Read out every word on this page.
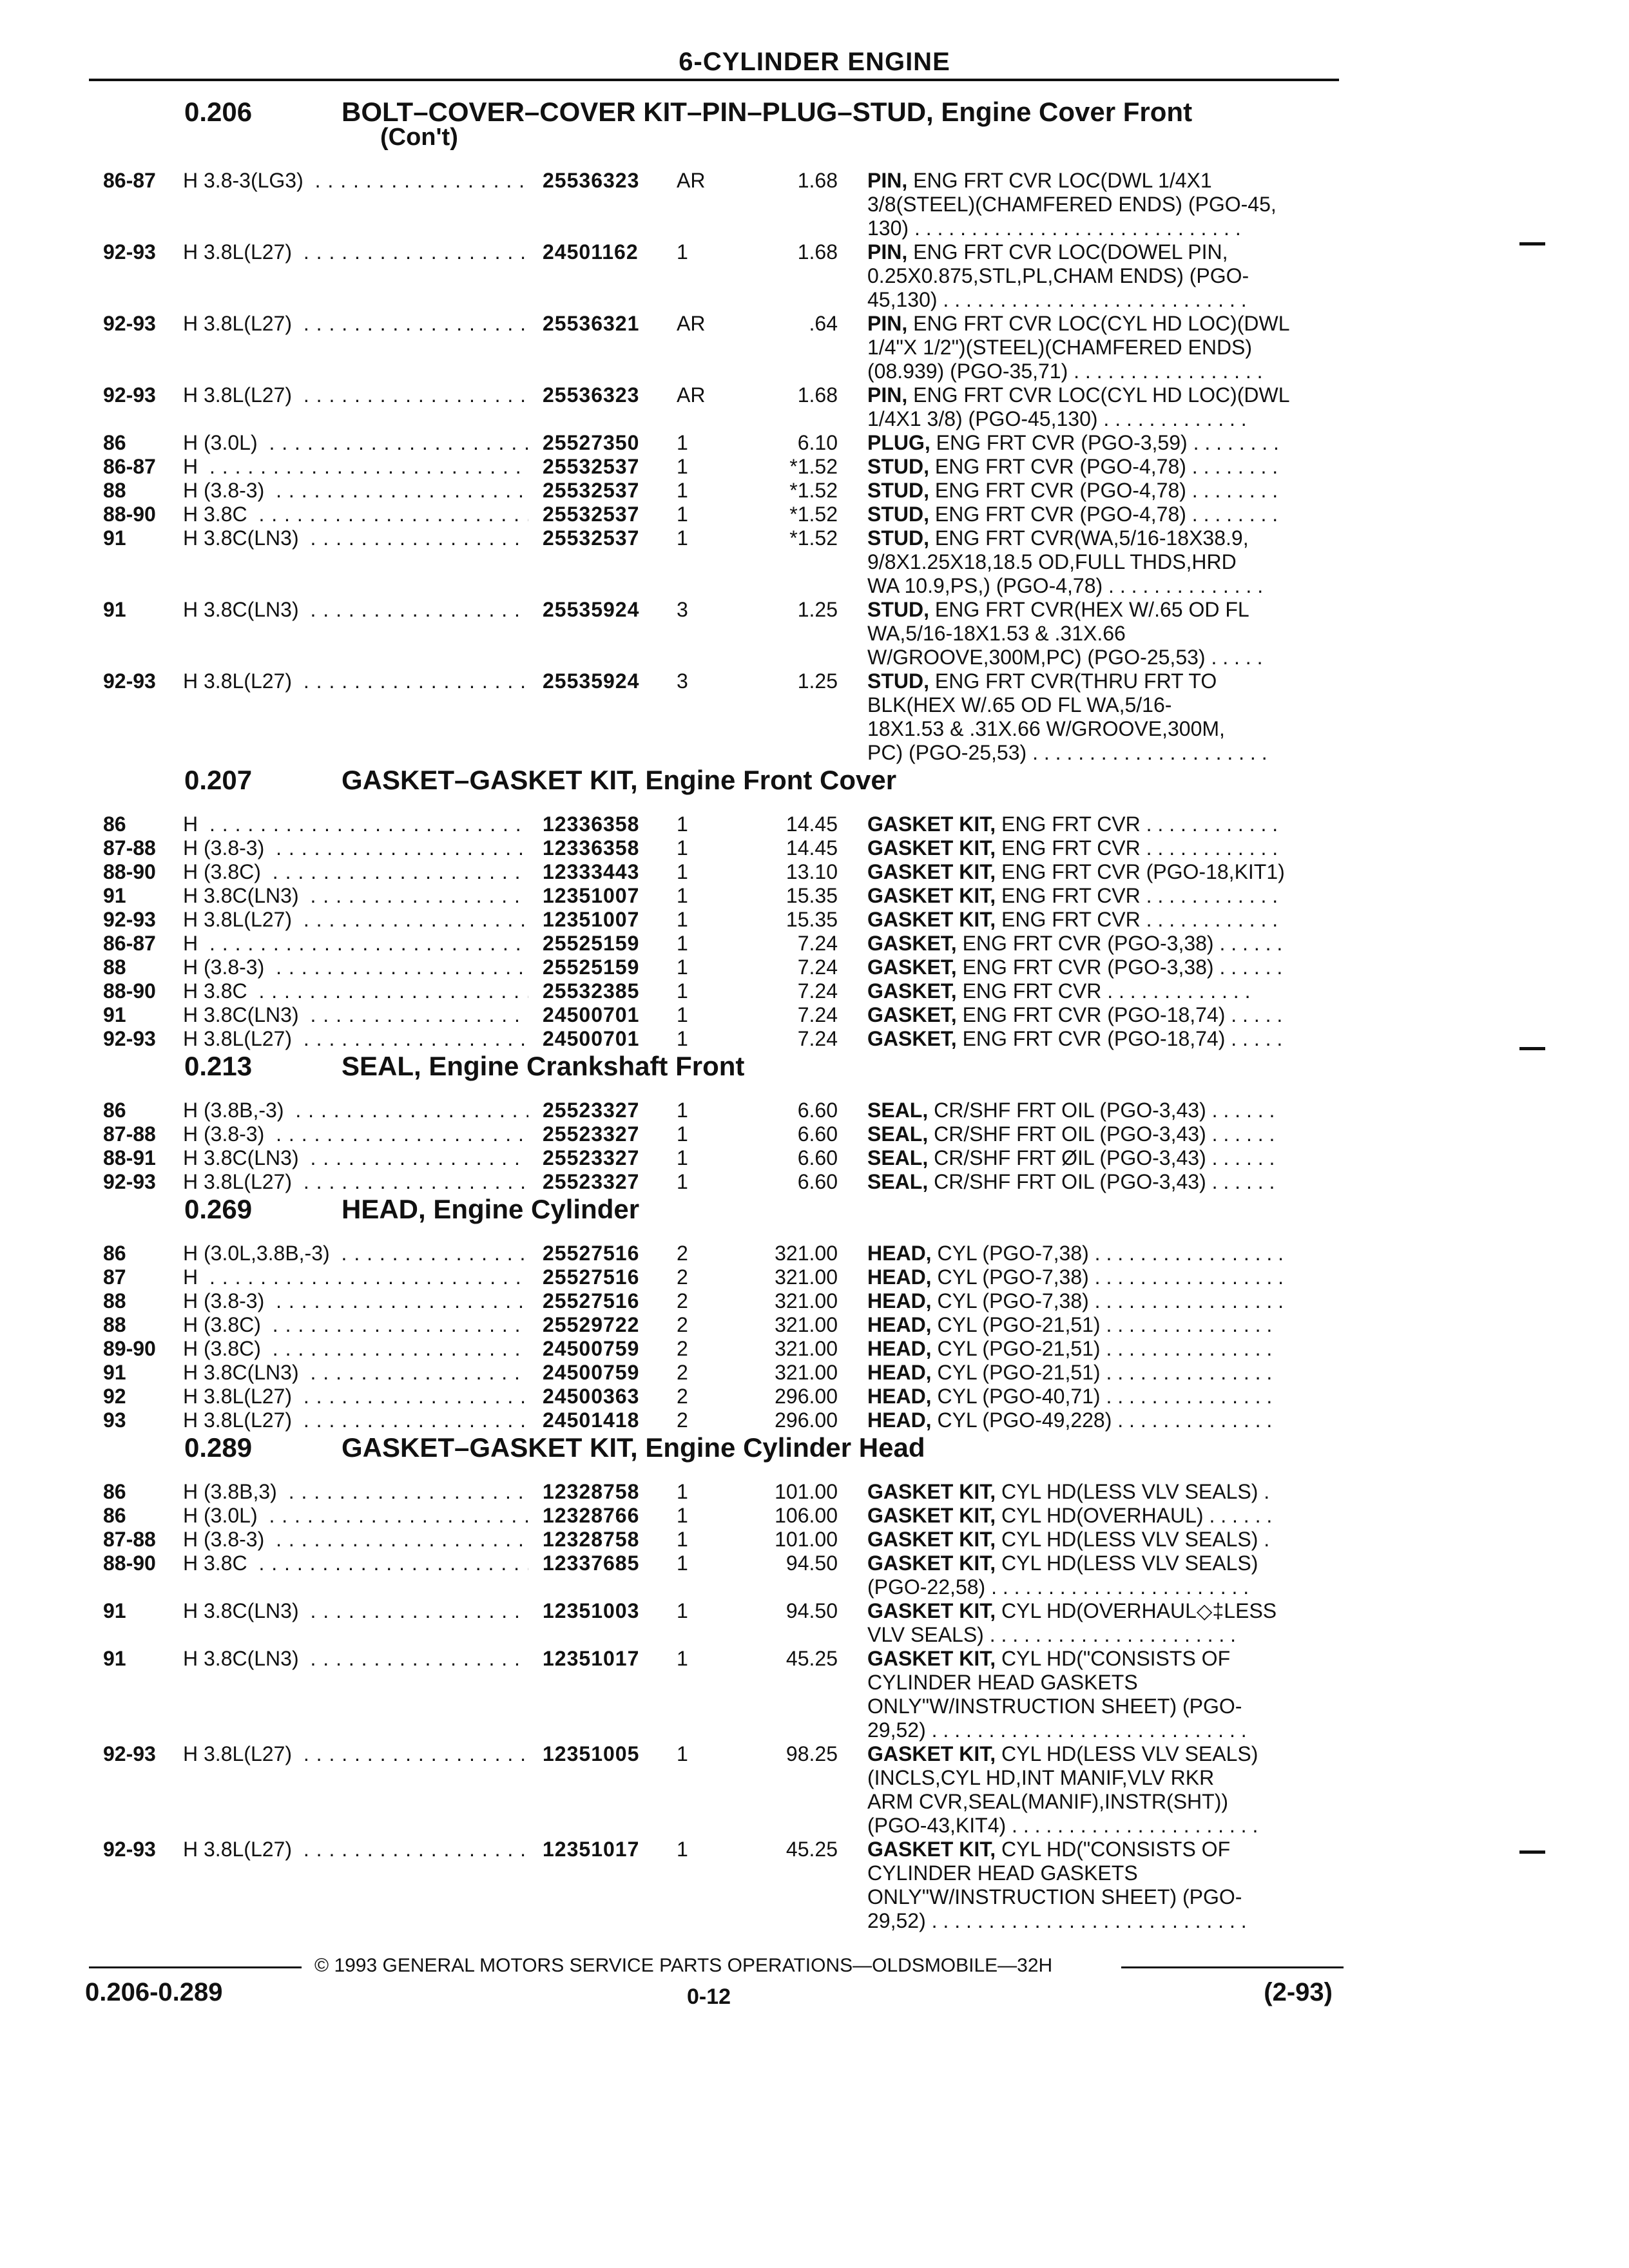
6-CYLINDER ENGINE
0.206	BOLT–COVER–COVER KIT–PIN–PLUG–STUD, Engine Cover Front
(Con't)
86-87 H 3.8-3(LG3) . . .	25536323 AR	1.68 PIN, ENG FRT CVR LOC(DWL 1/4X1
3/8(STEEL)(CHAMFERED ENDS) (PGO-45,
130) . . . . . . . . . . . . . . . . . . . . . . . . . . . . .
92-93 H 3.8L(L27) . . .	24501162 1	1.68 PIN, ENG FRT CVR LOC(DOWEL PIN,
0.25X0.875,STL,PL,CHAM ENDS) (PGO-
45,130) . . . . . . . . . . . . . . . . . . . . . . . . . . .
92-93 H 3.8L(L27) . . .	25536321 AR	.64 PIN, ENG FRT CVR LOC(CYL HD LOC)(DWL
1/4"X 1/2")(STEEL)(CHAMFERED ENDS)
(08.939) (PGO-35,71) . . . . . . . . . . . . . . . . .
92-93 H 3.8L(L27) . . .	25536323 AR	1.68 PIN, ENG FRT CVR LOC(CYL HD LOC)(DWL
1/4X1 3/8) (PGO-45,130) . . . . . . . . . . . . .
86	H (3.0L) . . .	25527350 1	6.10 PLUG, ENG FRT CVR (PGO-3,59) . . . . . . . .
86-87 H . . .	25532537 1	*1.52 STUD, ENG FRT CVR (PGO-4,78) . . . . . . . .
88	H (3.8-3) . . .	25532537 1	*1.52 STUD, ENG FRT CVR (PGO-4,78) . . . . . . . .
88-90 H 3.8C . . .	25532537 1	*1.52 STUD, ENG FRT CVR (PGO-4,78) . . . . . . . .
91	H 3.8C(LN3) . . .	25532537 1	*1.52 STUD, ENG FRT CVR(WA,5/16-18X38.9,
9/8X1.25X18,18.5 OD,FULL THDS,HRD
WA 10.9,PS,) (PGO-4,78) . . . . . . . . . . . . . .
91	H 3.8C(LN3) . . .	25535924 3	1.25 STUD, ENG FRT CVR(HEX W/.65 OD FL
WA,5/16-18X1.53 & .31X.66
W/GROOVE,300M,PC) (PGO-25,53) . . . . .
92-93 H 3.8L(L27) . . .	25535924 3	1.25 STUD, ENG FRT CVR(THRU FRT TO
BLK(HEX W/.65 OD FL WA,5/16-
18X1.53 & .31X.66 W/GROOVE,300M,
PC) (PGO-25,53) . . . . . . . . . . . . . . . . . . . . .
0.207	GASKET–GASKET KIT, Engine Front Cover
86	H . . .	12336358 1	14.45 GASKET KIT, ENG FRT CVR . . . . . . . . . . . .
87-88 H (3.8-3) . . .	12336358 1	14.45 GASKET KIT, ENG FRT CVR . . . . . . . . . . . .
88-90 H (3.8C) . . .	12333443 1	13.10 GASKET KIT, ENG FRT CVR (PGO-18,KIT1)
91	H 3.8C(LN3) . . .	12351007 1	15.35 GASKET KIT, ENG FRT CVR . . . . . . . . . . . .
92-93 H 3.8L(L27) . . .	12351007 1	15.35 GASKET KIT, ENG FRT CVR . . . . . . . . . . . .
86-87 H . . .	25525159 1	7.24 GASKET, ENG FRT CVR (PGO-3,38) . . . . . .
88	H (3.8-3) . . .	25525159 1	7.24 GASKET, ENG FRT CVR (PGO-3,38) . . . . . .
88-90 H 3.8C . . .	25532385 1	7.24 GASKET, ENG FRT CVR . . . . . . . . . . . . .
91	H 3.8C(LN3) . . .	24500701 1	7.24 GASKET, ENG FRT CVR (PGO-18,74) . . . . .
92-93 H 3.8L(L27) . . .	24500701 1	7.24 GASKET, ENG FRT CVR (PGO-18,74) . . . . .
0.213	SEAL, Engine Crankshaft Front
86	H (3.8B,-3) . . .	25523327 1	6.60 SEAL, CR/SHF FRT OIL (PGO-3,43) . . . . . .
87-88 H (3.8-3) . . .	25523327 1	6.60 SEAL, CR/SHF FRT OIL (PGO-3,43) . . . . . .
88-91 H 3.8C(LN3) . . .	25523327 1	6.60 SEAL, CR/SHF FRT ØIL (PGO-3,43) . . . . . .
92-93 H 3.8L(L27) . . .	25523327 1	6.60 SEAL, CR/SHF FRT OIL (PGO-3,43) . . . . . .
0.269	HEAD, Engine Cylinder
86	H (3.0L,3.8B,-3) . . .	25527516 2	321.00 HEAD, CYL (PGO-7,38) . . . . . . . . . . . . . . . . .
87	H . . .	25527516 2	321.00 HEAD, CYL (PGO-7,38) . . . . . . . . . . . . . . . . .
88	H (3.8-3) . . .	25527516 2	321.00 HEAD, CYL (PGO-7,38) . . . . . . . . . . . . . . . . .
88	H (3.8C) . . .	25529722 2	321.00 HEAD, CYL (PGO-21,51) . . . . . . . . . . . . . . .
89-90 H (3.8C) . . .	24500759 2	321.00 HEAD, CYL (PGO-21,51) . . . . . . . . . . . . . . .
91	H 3.8C(LN3) . . .	24500759 2	321.00 HEAD, CYL (PGO-21,51) . . . . . . . . . . . . . . .
92	H 3.8L(L27) . . .	24500363 2	296.00 HEAD, CYL (PGO-40,71) . . . . . . . . . . . . . . .
93	H 3.8L(L27) . . .	24501418 2	296.00 HEAD, CYL (PGO-49,228) . . . . . . . . . . . . . .
0.289	GASKET–GASKET KIT, Engine Cylinder Head
86	H (3.8B,3) . . .	12328758 1	101.00 GASKET KIT, CYL HD(LESS VLV SEALS) .
86	H (3.0L) . . .	12328766 1	106.00 GASKET KIT, CYL HD(OVERHAUL) . . . . . .
87-88 H (3.8-3) . . .	12328758 1	101.00 GASKET KIT, CYL HD(LESS VLV SEALS) .
88-90 H 3.8C . . .	12337685 1	94.50 GASKET KIT, CYL HD(LESS VLV SEALS)
(PGO-22,58) . . . . . . . . . . . . . . . . . . . . . . .
91	H 3.8C(LN3) . . .	12351003 1	94.50 GASKET KIT, CYL HD(OVERHAUL◇‡LESS
VLV SEALS) . . . . . . . . . . . . . . . . . . . . . .
91	H 3.8C(LN3) . . .	12351017 1	45.25 GASKET KIT, CYL HD("CONSISTS OF
CYLINDER HEAD GASKETS
ONLY"W/INSTRUCTION SHEET) (PGO-
29,52) . . . . . . . . . . . . . . . . . . . . . . . . . . . .
92-93 H 3.8L(L27) . . .	12351005 1	98.25 GASKET KIT, CYL HD(LESS VLV SEALS)
(INCLS,CYL HD,INT MANIF,VLV RKR
ARM CVR,SEAL(MANIF),INSTR(SHT))
(PGO-43,KIT4) . . . . . . . . . . . . . . . . . . . . . .
92-93 H 3.8L(L27) . . .	12351017 1	45.25 GASKET KIT, CYL HD("CONSISTS OF
CYLINDER HEAD GASKETS
ONLY"W/INSTRUCTION SHEET) (PGO-
29,52) . . . . . . . . . . . . . . . . . . . . . . . . . . . .
© 1993 GENERAL MOTORS SERVICE PARTS OPERATIONS—OLDSMOBILE—32H
0.206-0.289	0-12	(2-93)
